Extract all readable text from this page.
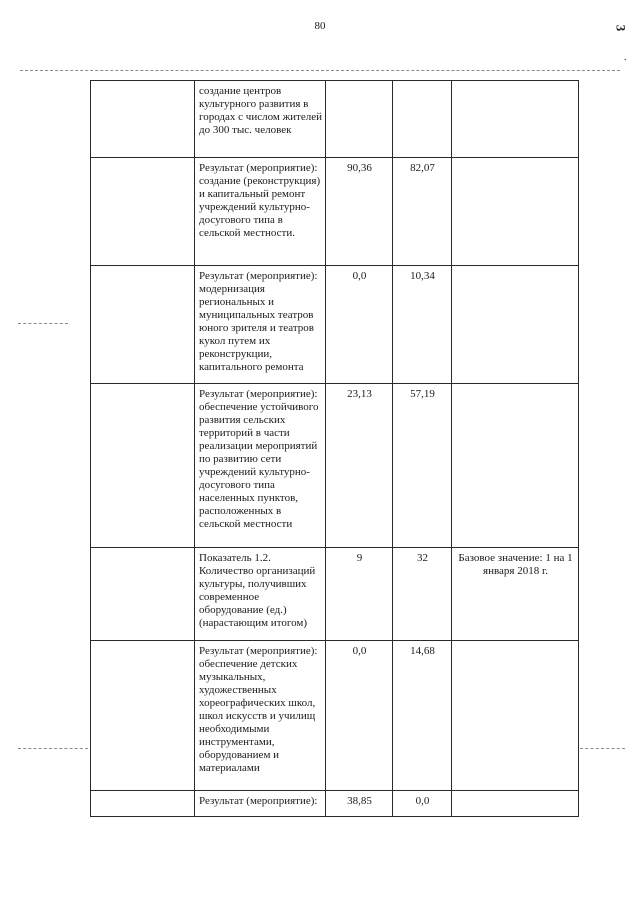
80	3
.
	создание центров культурного развития в городах с числом жителей до 300 тыс. человек			
	Результат (мероприятие): создание (реконструкция) и капитальный ремонт учреждений культурно-досугового типа в сельской местности.	90,36	82,07	
	Результат (мероприятие): модернизация региональных и муниципальных театров юного зрителя и театров кукол путем их реконструкции, капитального ремонта	0,0	10,34	
	Результат (мероприятие): обеспечение устойчивого развития сельских территорий в части реализации мероприятий по развитию сети учреждений культурно-досугового типа населенных пунктов, расположенных в сельской местности	23,13	57,19	
	Показатель 1.2. Количество организаций культуры, получивших современное оборудование (ед.) (нарастающим итогом)	9	32	Базовое значение: 1 на 1 января 2018 г.
	Результат (мероприятие): обеспечение детских музыкальных, художественных хореографических школ, школ искусств и училищ необходимыми инструментами, оборудованием и материалами	0,0	14,68	
	Результат (мероприятие):	38,85	0,0	
